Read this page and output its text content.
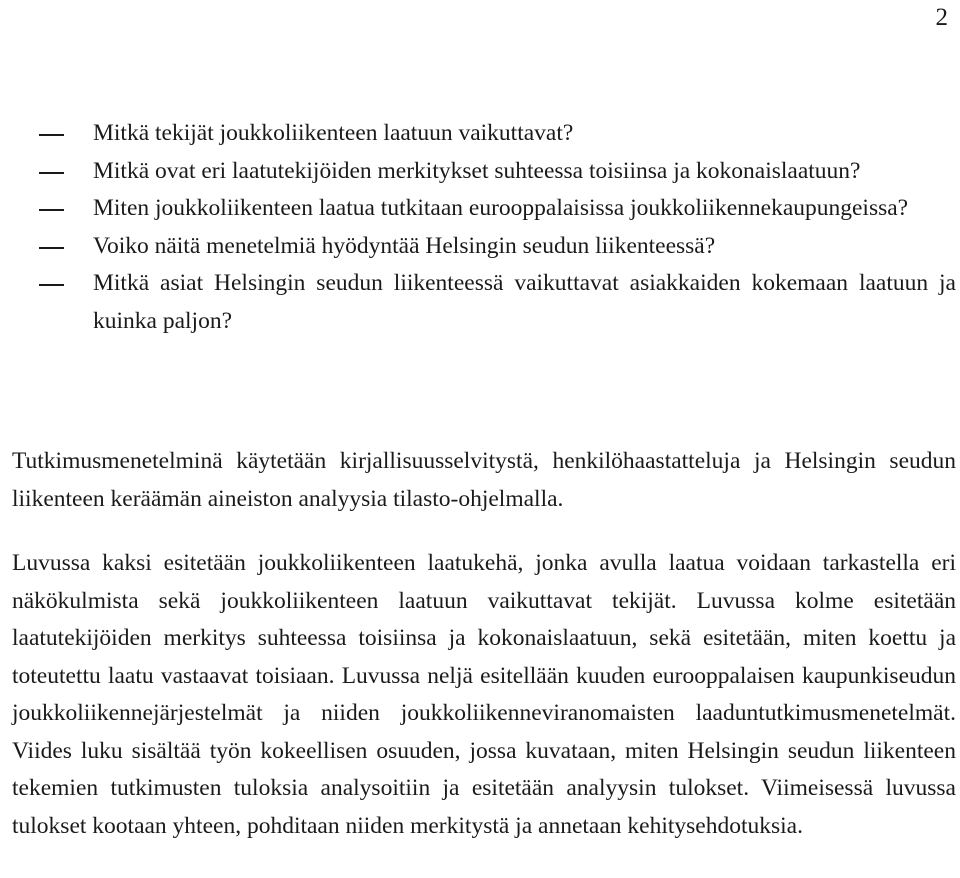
2
Mitkä tekijät joukkoliikenteen laatuun vaikuttavat?
Mitkä ovat eri laatutekijöiden merkitykset suhteessa toisiinsa ja kokonaislaatuun?
Miten joukkoliikenteen laatua tutkitaan eurooppalaisissa joukkoliikennekaupungeissa?
Voiko näitä menetelmiä hyödyntää Helsingin seudun liikenteessä?
Mitkä asiat Helsingin seudun liikenteessä vaikuttavat asiakkaiden kokemaan laatuun ja kuinka paljon?

Tutkimusmenetelminä käytetään kirjallisuusselvitystä, henkilöhaastatteluja ja Helsingin seudun liikenteen keräämän aineiston analyysia tilasto-ohjelmalla.

Luvussa kaksi esitetään joukkoliikenteen laatukehä, jonka avulla laatua voidaan tarkastella eri näkökulmista sekä joukkoliikenteen laatuun vaikuttavat tekijät. Luvussa kolme esitetään laatutekijöiden merkitys suhteessa toisiinsa ja kokonaislaatuun, sekä esitetään, miten koettu ja toteutettu laatu vastaavat toisiaan. Luvussa neljä esitellään kuuden eurooppalaisen kaupunkiseudun joukkoliikennejärjestelmät ja niiden joukkoliikenneviranomaisten laaduntutkimusmenetelmät. Viides luku sisältää työn kokeellisen osuuden, jossa kuvataan, miten Helsingin seudun liikenteen tekemien tutkimusten tuloksia analysoitiin ja esitetään analyysin tulokset. Viimeisessä luvussa tulokset kootaan yhteen, pohditaan niiden merkitystä ja annetaan kehitysehdotuksia.
